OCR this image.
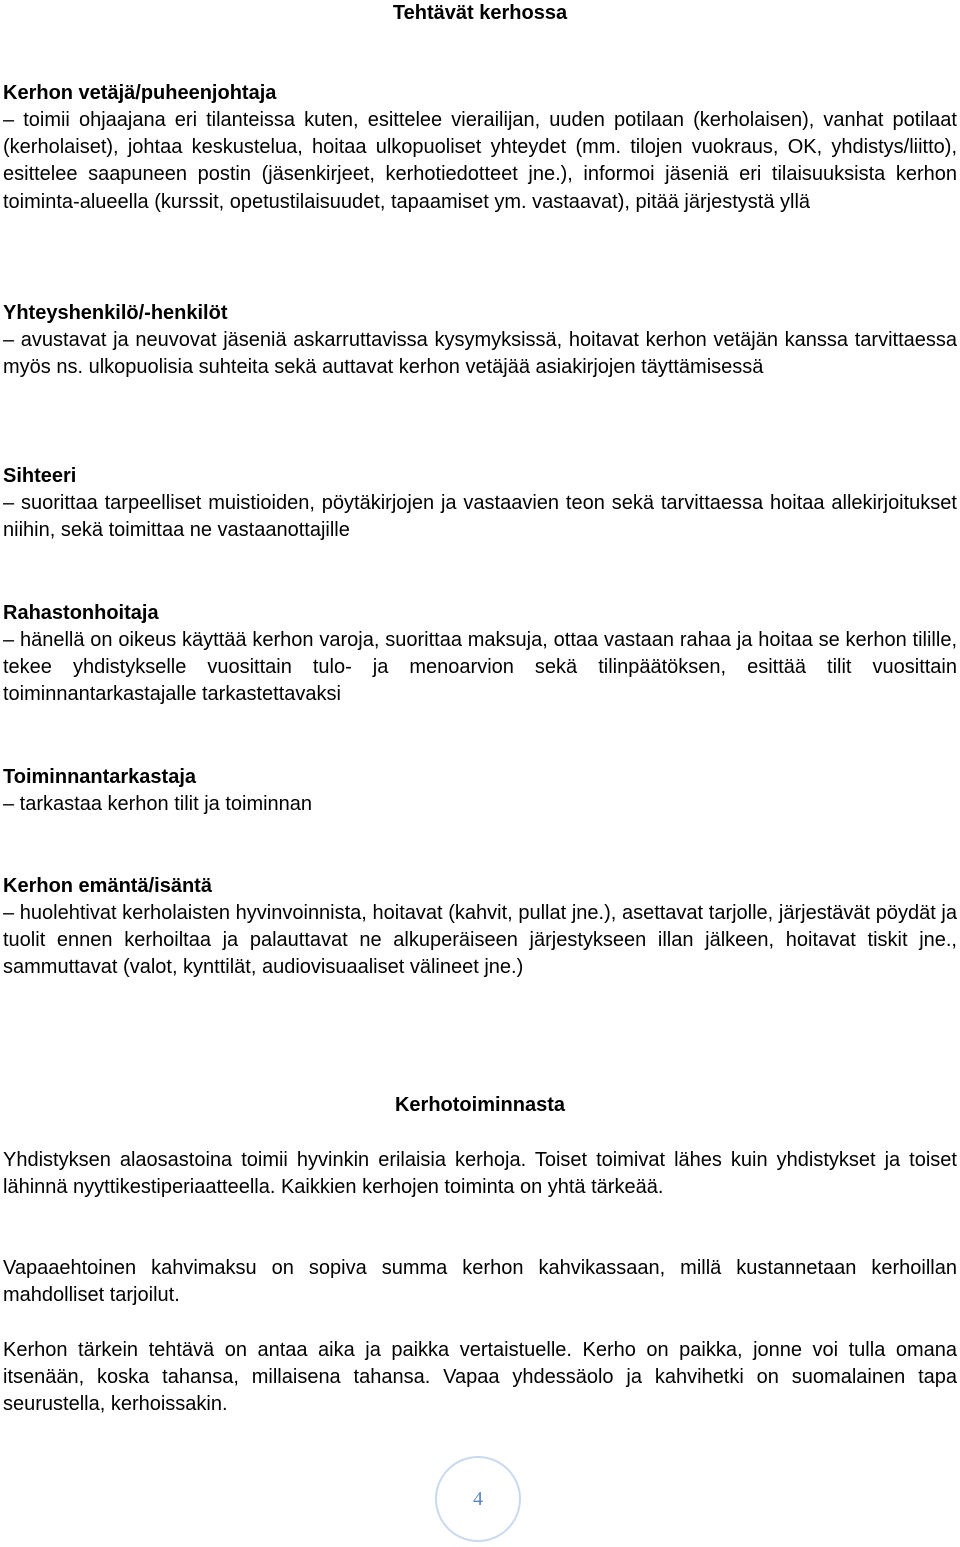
Tehtävät kerhossa

Kerhon vetäjä/puheenjohtaja

– toimii ohjaajana eri tilanteissa kuten, esittelee vierailijan, uuden potilaan (kerholaisen), vanhat potilaat (kerholaiset), johtaa keskustelua, hoitaa ulkopuoliset yhteydet (mm. tilojen vuokraus, OK, yhdistys/liitto), esittelee saapuneen postin (jäsenkirjeet, kerhotiedotteet jne.), informoi jäseniä eri tilaisuuksista kerhon toiminta-alueella (kurssit, opetustilaisuudet, tapaamiset ym. vastaavat), pitää järjestystä yllä

Yhteyshenkilö/-henkilöt

– avustavat ja neuvovat jäseniä askarruttavissa kysymyksissä, hoitavat kerhon vetäjän kanssa tarvittaessa myös ns. ulkopuolisia suhteita sekä auttavat kerhon vetäjää asiakirjojen täyttämisessä

Sihteeri

– suorittaa tarpeelliset muistioiden, pöytäkirjojen ja vastaavien teon sekä tarvittaessa hoitaa allekirjoitukset niihin, sekä toimittaa ne vastaanottajille

Rahastonhoitaja

– hänellä on oikeus käyttää kerhon varoja, suorittaa maksuja, ottaa vastaan rahaa ja hoitaa se kerhon tilille, tekee yhdistykselle vuosittain tulo- ja menoarvion sekä tilinpäätöksen, esittää tilit vuosittain toiminnantarkastajalle tarkastettavaksi

Toiminnantarkastaja

– tarkastaa kerhon tilit ja toiminnan

Kerhon emäntä/isäntä

– huolehtivat kerholaisten hyvinvoinnista, hoitavat (kahvit, pullat jne.), asettavat tarjolle, järjestävät pöydät ja tuolit ennen kerhoiltaa ja palauttavat ne alkuperäiseen järjestykseen illan jälkeen, hoitavat tiskit jne., sammuttavat (valot, kynttilät, audiovisuaaliset välineet jne.)

Kerhotoiminnasta

Yhdistyksen alaosastoina toimii hyvinkin erilaisia kerhoja. Toiset toimivat lähes kuin yhdistykset ja toiset lähinnä nyyttikestiperiaatteella. Kaikkien kerhojen toiminta on yhtä tärkeää.

Vapaaehtoinen kahvimaksu on sopiva summa kerhon kahvikassaan, millä kustannetaan kerhoillan mahdolliset tarjoilut.

Kerhon tärkein tehtävä on antaa aika ja paikka vertaistuelle. Kerho on paikka, jonne voi tulla omana itsenään, koska tahansa, millaisena tahansa. Vapaa yhdessäolo ja kahvihetki on suomalainen tapa seurustella, kerhoissakin.

4
